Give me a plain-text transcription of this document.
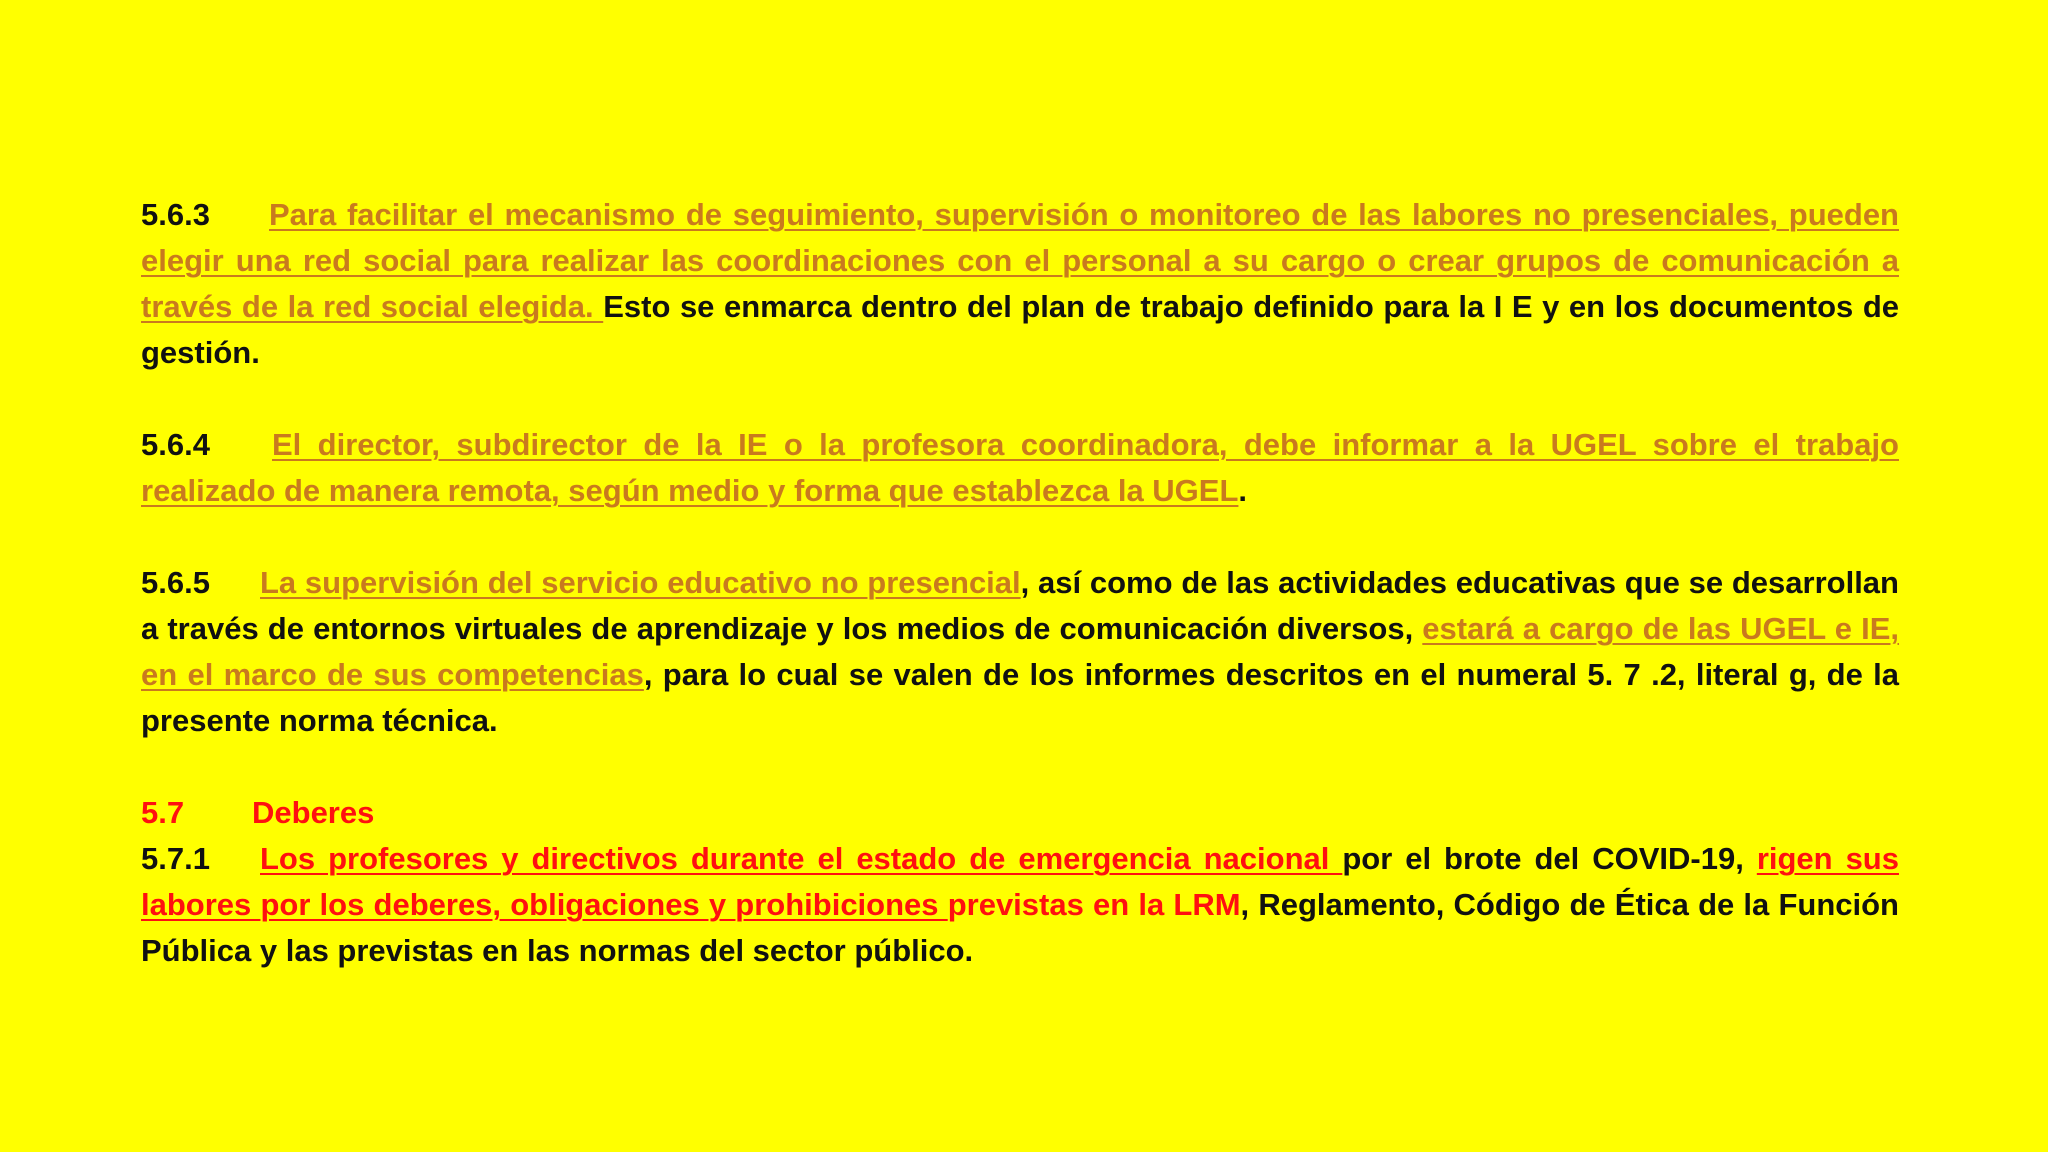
5.6.3 Para facilitar el mecanismo de seguimiento, supervisión o monitoreo de las labores no presenciales, pueden elegir una red social para realizar las coordinaciones con el personal a su cargo o crear grupos de comunicación a través de la red social elegida. Esto se enmarca dentro del plan de trabajo definido para la I E y en los documentos de gestión.

5.6.4 El director, subdirector de la IE o la profesora coordinadora, debe informar a la UGEL sobre el trabajo realizado de manera remota, según medio y forma que establezca la UGEL.

5.6.5 La supervisión del servicio educativo no presencial, así como de las actividades educativas que se desarrollan a través de entornos virtuales de aprendizaje y los medios de comunicación diversos, estará a cargo de las UGEL e IE, en el marco de sus competencias, para lo cual se valen de los informes descritos en el numeral 5. 7 .2, literal g, de la presente norma técnica.

5.7 Deberes

5.7.1 Los profesores y directivos durante el estado de emergencia nacional por el brote del COVID-19, rigen sus labores por los deberes, obligaciones y prohibiciones previstas en la LRM, Reglamento, Código de Ética de la Función Pública y las previstas en las normas del sector público.
